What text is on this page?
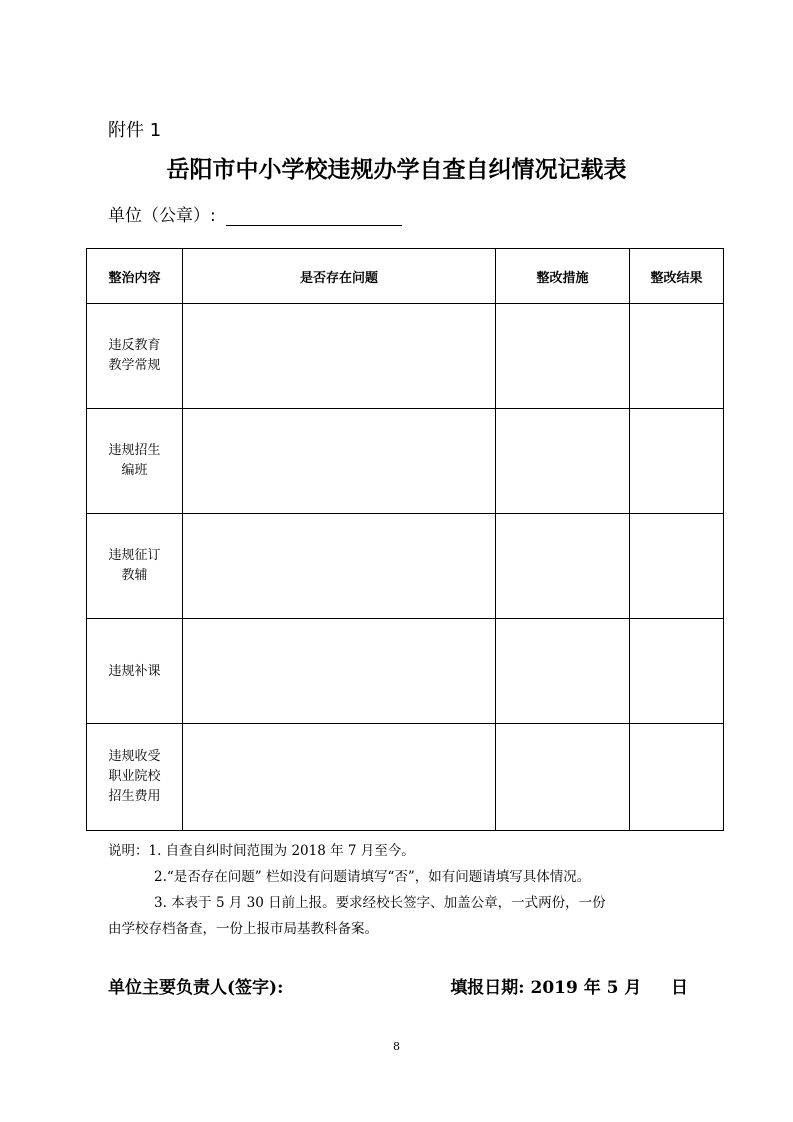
附件 1
岳阳市中小学校违规办学自查自纠情况记载表
单位（公章）:
整治内容	是否存在问题	整改措施	整改结果
违反教育教学常规			
违规招生编班			
违规征订教辅			
违规补课			
违规收受职业院校招生费用			

说明：1. 自查自纠时间范围为 2018 年 7 月至今。

2.“是否存在问题” 栏如没有问题请填写“否”，如有问题请填写具体情况。

3. 本表于 5 月 30 日前上报。要求经校长签字、加盖公章，一式两份，一份

由学校存档备查，一份上报市局基教科备案。

单位主要负责人(签字):	填报日期: 2019 年 5 月     日
8
